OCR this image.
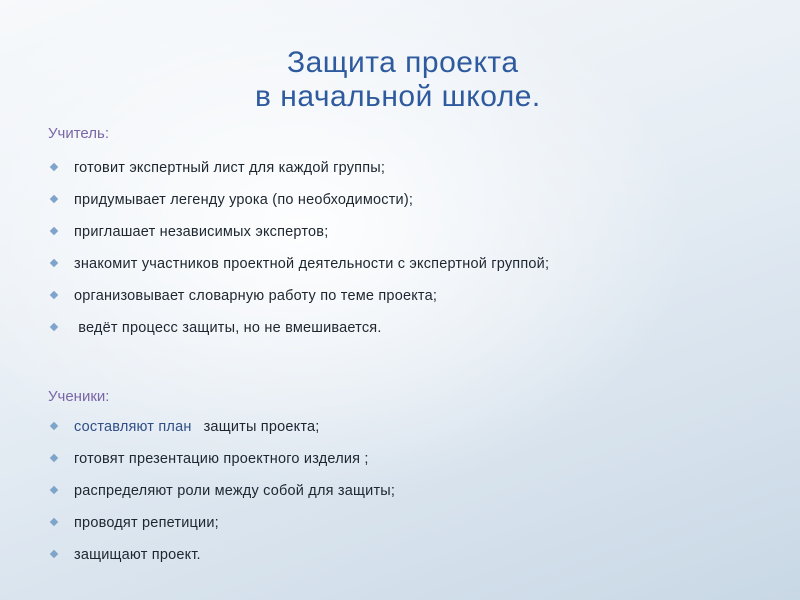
Защита проекта
в начальной школе.
Учитель:
готовит экспертный лист для каждой группы;
придумывает легенду урока (по необходимости);
приглашает независимых экспертов;
знакомит участников проектной деятельности с экспертной группой;
организовывает словарную работу по теме проекта;
ведёт процесс защиты, но не вмешивается.
Ученики:
составляют план защиты проекта;
готовят презентацию проектного изделия ;
распределяют роли между собой для защиты;
проводят репетиции;
защищают проект.
